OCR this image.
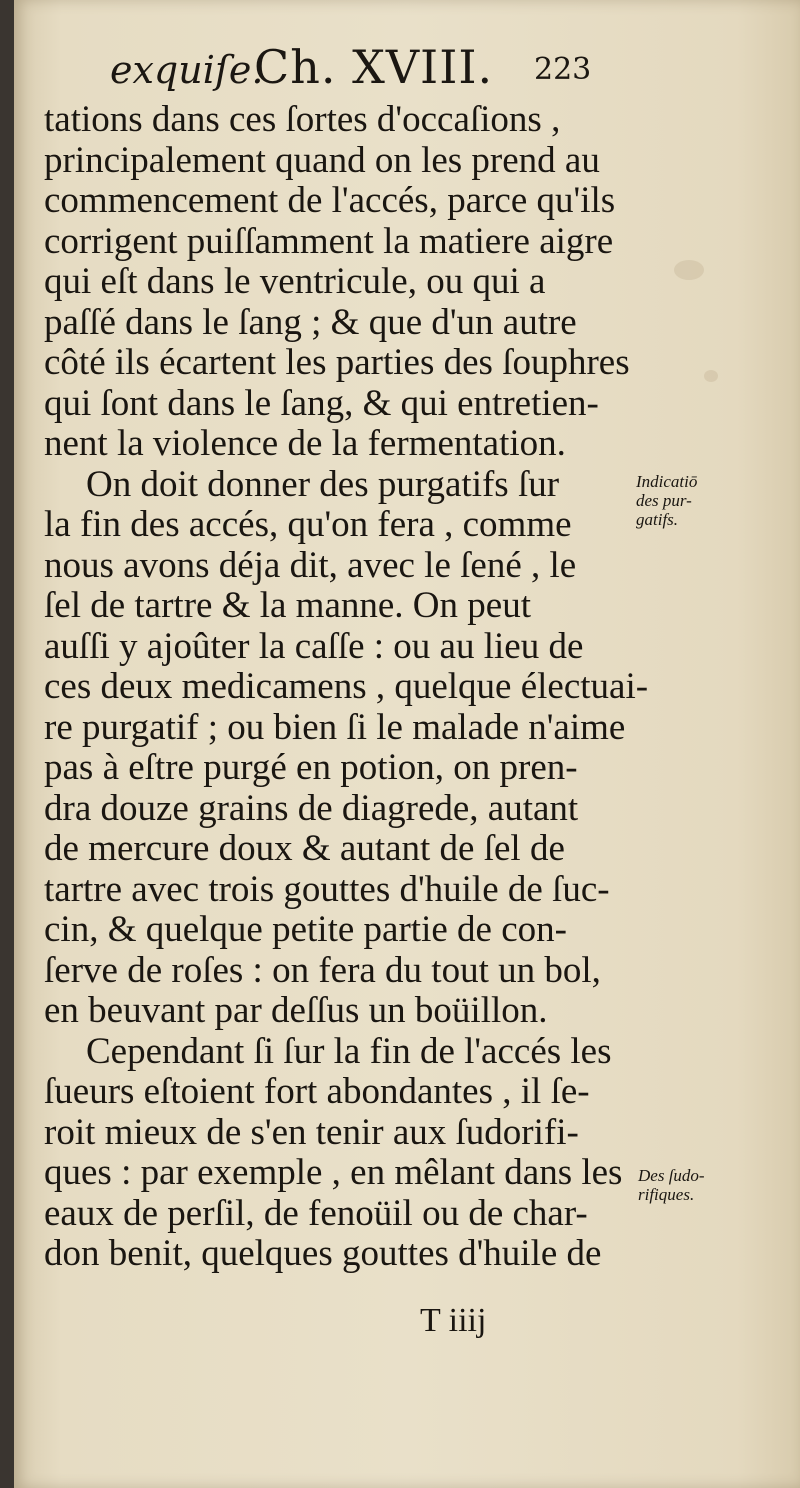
exquiſe.
Ch. XVIII. 223
tations dans ces ſortes d'occaſions ,
principalement quand on les prend au
commencement de l'accés, parce qu'ils
corrigent puiſſamment la matiere aigre
qui eſt dans le ventricule, ou qui a
paſſé dans le ſang ; & que d'un autre
côté ils écartent les parties des ſouphres
qui ſont dans le ſang, & qui entretien-
nent la violence de la fermentation.
On doit donner des purgatifs ſur
la fin des accés, qu'on fera , comme
nous avons déja dit, avec le ſené , le
ſel de tartre & la manne. On peut
auſſi y ajoûter la caſſe : ou au lieu de
ces deux medicamens , quelque électuai-
re purgatif ; ou bien ſi le malade n'aime
pas à eſtre purgé en potion, on pren-
dra douze grains de diagrede, autant
de mercure doux & autant de ſel de
tartre avec trois gouttes d'huile de ſuc-
cin, & quelque petite partie de con-
ſerve de roſes : on fera du tout un bol,
en beuvant par deſſus un boüillon.
Cependant ſi ſur la fin de l'accés les
ſueurs eſtoient fort abondantes , il ſe-
roit mieux de s'en tenir aux ſudorifi-
ques : par exemple , en mêlant dans les
eaux de perſil, de fenoüil ou de char-
don benit, quelques gouttes d'huile de
Indicatiō
des pur-
gatifs.
Des ſudo-
rifiques.
T iiij
